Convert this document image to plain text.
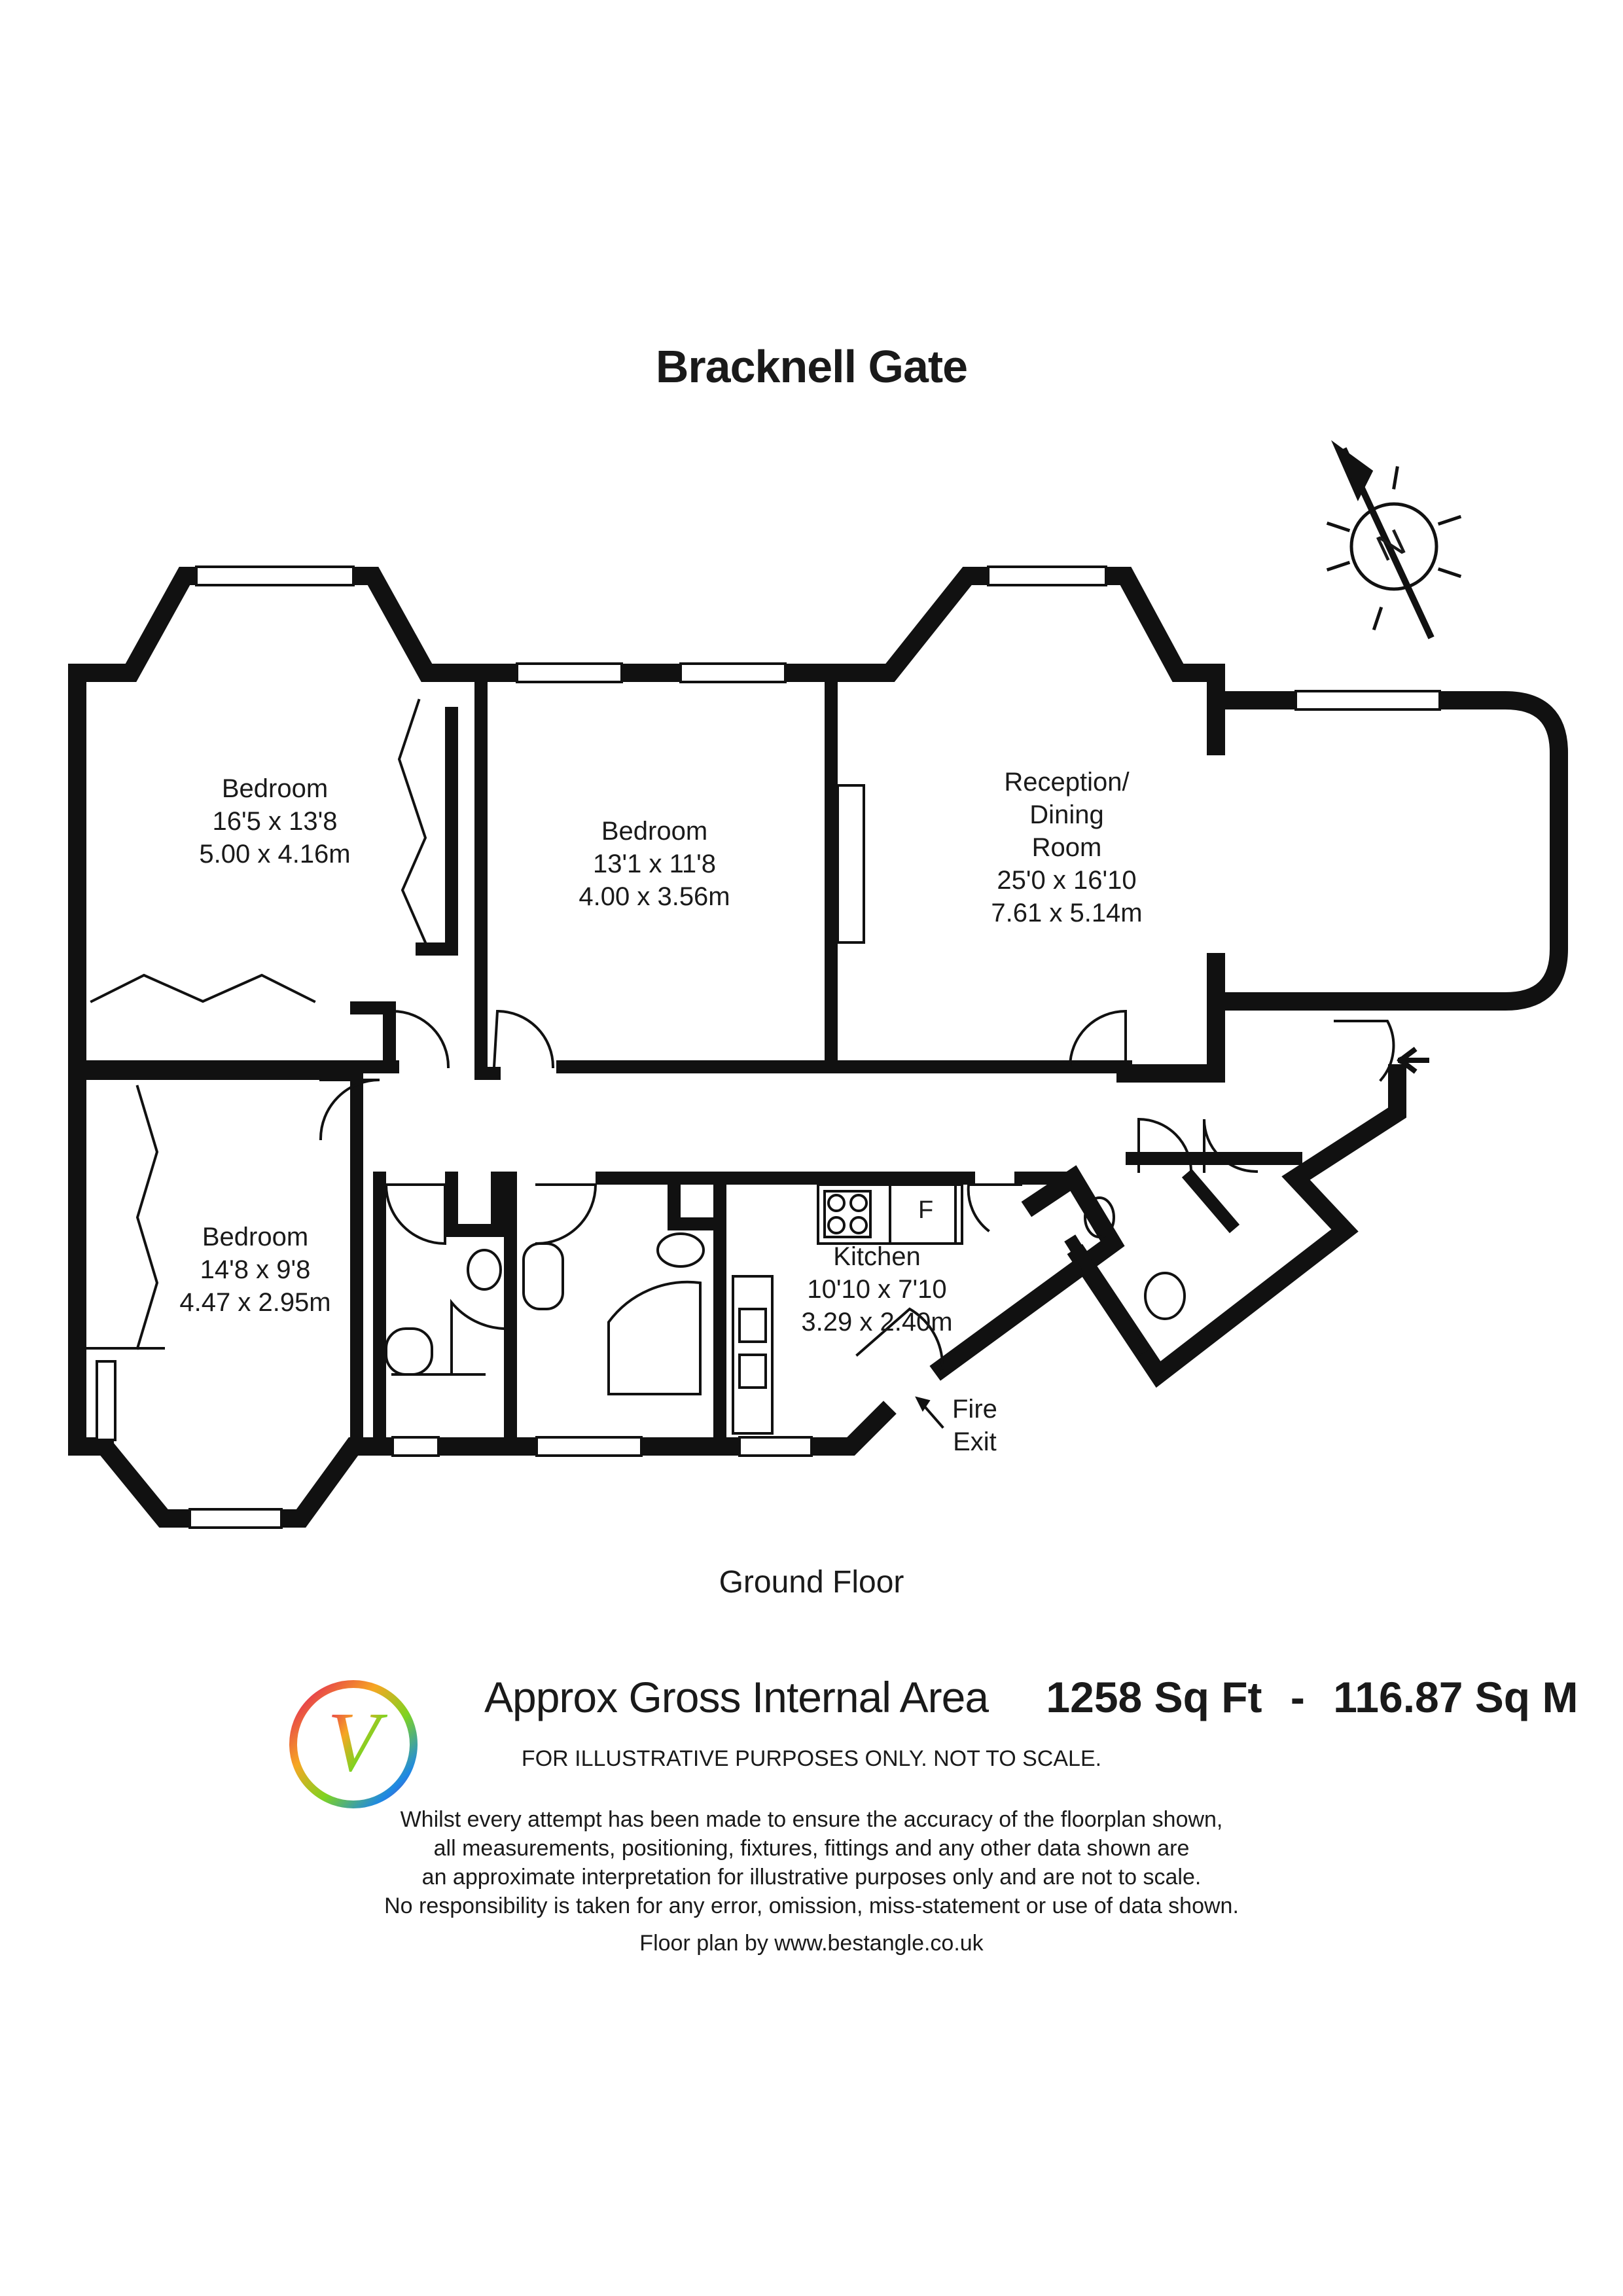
Bracknell Gate
Bedroom
16'5 x 13'8
5.00 x 4.16m
Bedroom
13'1 x 11'8
4.00 x 3.56m
Reception/
Dining
Room
25'0 x 16'10
7.61 x 5.14m
Bedroom
14'8 x 9'8
4.47 x 2.95m
Kitchen
10'10 x 7'10
3.29 x 2.40m
F
Fire
Exit
N
Ground Floor
V Approx Gross Internal Area 1258 Sq Ft - 116.87 Sq M
FOR ILLUSTRATIVE PURPOSES ONLY. NOT TO SCALE.
Whilst every attempt has been made to ensure the accuracy of the floorplan shown,
all measurements, positioning, fixtures, fittings and any other data shown are
an approximate interpretation for illustrative purposes only and are not to scale.
No responsibility is taken for any error, omission, miss-statement or use of data shown.
Floor plan by www.bestangle.co.uk
